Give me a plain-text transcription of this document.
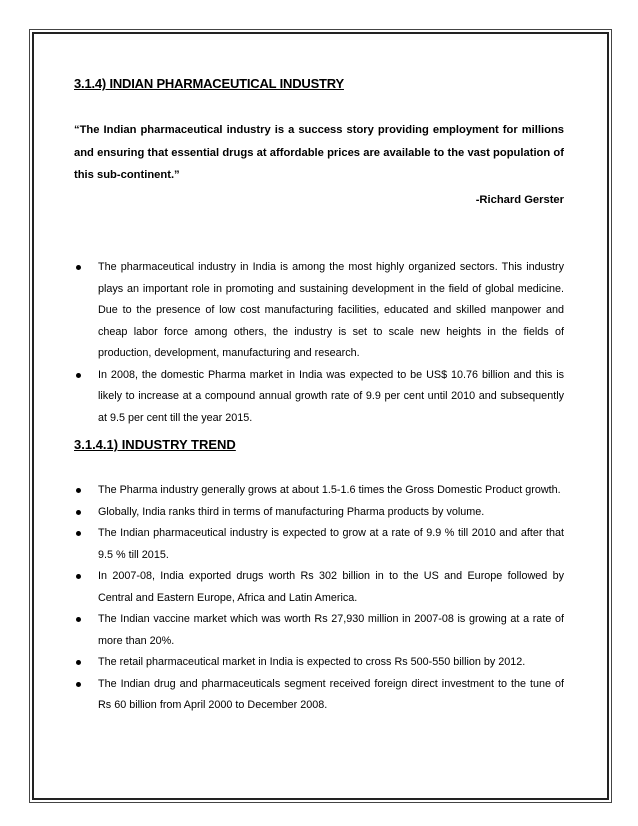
3.1.4) INDIAN PHARMACEUTICAL INDUSTRY
“The Indian pharmaceutical industry is a success story providing employment for millions and ensuring that essential drugs at affordable prices are available to the vast population of this sub-continent.”
-Richard Gerster
The pharmaceutical industry in India is among the most highly organized sectors. This industry plays an important role in promoting and sustaining development in the field of global medicine. Due to the presence of low cost manufacturing facilities, educated and skilled manpower and cheap labor force among others, the industry is set to scale new heights in the fields of production, development, manufacturing and research.
In 2008, the domestic Pharma market in India was expected to be US$ 10.76 billion and this is likely to increase at a compound annual growth rate of 9.9 per cent until 2010 and subsequently at 9.5 per cent till the year 2015.
3.1.4.1) INDUSTRY TREND
The Pharma industry generally grows at about 1.5-1.6 times the Gross Domestic Product growth.
Globally, India ranks third in terms of manufacturing Pharma products by volume.
The Indian pharmaceutical industry is expected to grow at a rate of 9.9 % till 2010 and after that 9.5 % till 2015.
In 2007-08, India exported drugs worth Rs 302 billion in to the US and Europe followed by Central and Eastern Europe, Africa and Latin America.
The Indian vaccine market which was worth Rs 27,930 million in 2007-08 is growing at a rate of more than 20%.
The retail pharmaceutical market in India is expected to cross Rs 500-550 billion by 2012.
The Indian drug and pharmaceuticals segment received foreign direct investment to the tune of Rs 60 billion from April 2000 to December 2008.
